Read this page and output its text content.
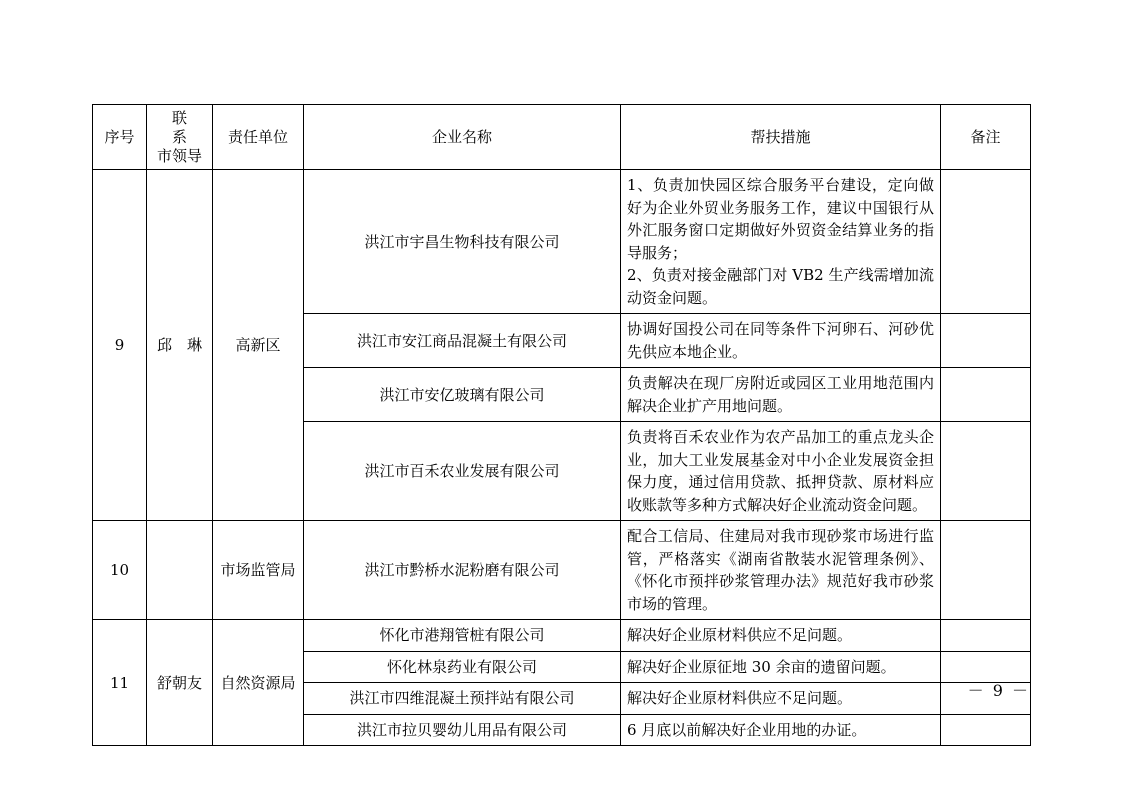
序号	联　系
市领导	责任单位	企业名称	帮扶措施	备注
9	邱　琳	高新区	洪江市宇昌生物科技有限公司	1、负责加快园区综合服务平台建设，定向做好为企业外贸业务服务工作，建议中国银行从外汇服务窗口定期做好外贸资金结算业务的指导服务；
2、负责对接金融部门对 VB2 生产线需增加流动资金问题。	
			洪江市安江商品混凝土有限公司	协调好国投公司在同等条件下河卵石、河砂优先供应本地企业。	
			洪江市安亿玻璃有限公司	负责解决在现厂房附近或园区工业用地范围内解决企业扩产用地问题。	
			洪江市百禾农业发展有限公司	负责将百禾农业作为农产品加工的重点龙头企业，加大工业发展基金对中小企业发展资金担保力度，通过信用贷款、抵押贷款、原材料应收账款等多种方式解决好企业流动资金问题。	
10		市场监管局	洪江市黔桥水泥粉磨有限公司	配合工信局、住建局对我市现砂浆市场进行监管，严格落实《湖南省散装水泥管理条例》、《怀化市预拌砂浆管理办法》规范好我市砂浆市场的管理。	
11	舒朝友	自然资源局	怀化市港翔管桩有限公司	解决好企业原材料供应不足问题。	
			怀化林泉药业有限公司	解决好企业原征地 30 余亩的遗留问题。	
			洪江市四维混凝土预拌站有限公司	解决好企业原材料供应不足问题。	
			洪江市拉贝婴幼儿用品有限公司	6 月底以前解决好企业用地的办证。	
－ 9 －
